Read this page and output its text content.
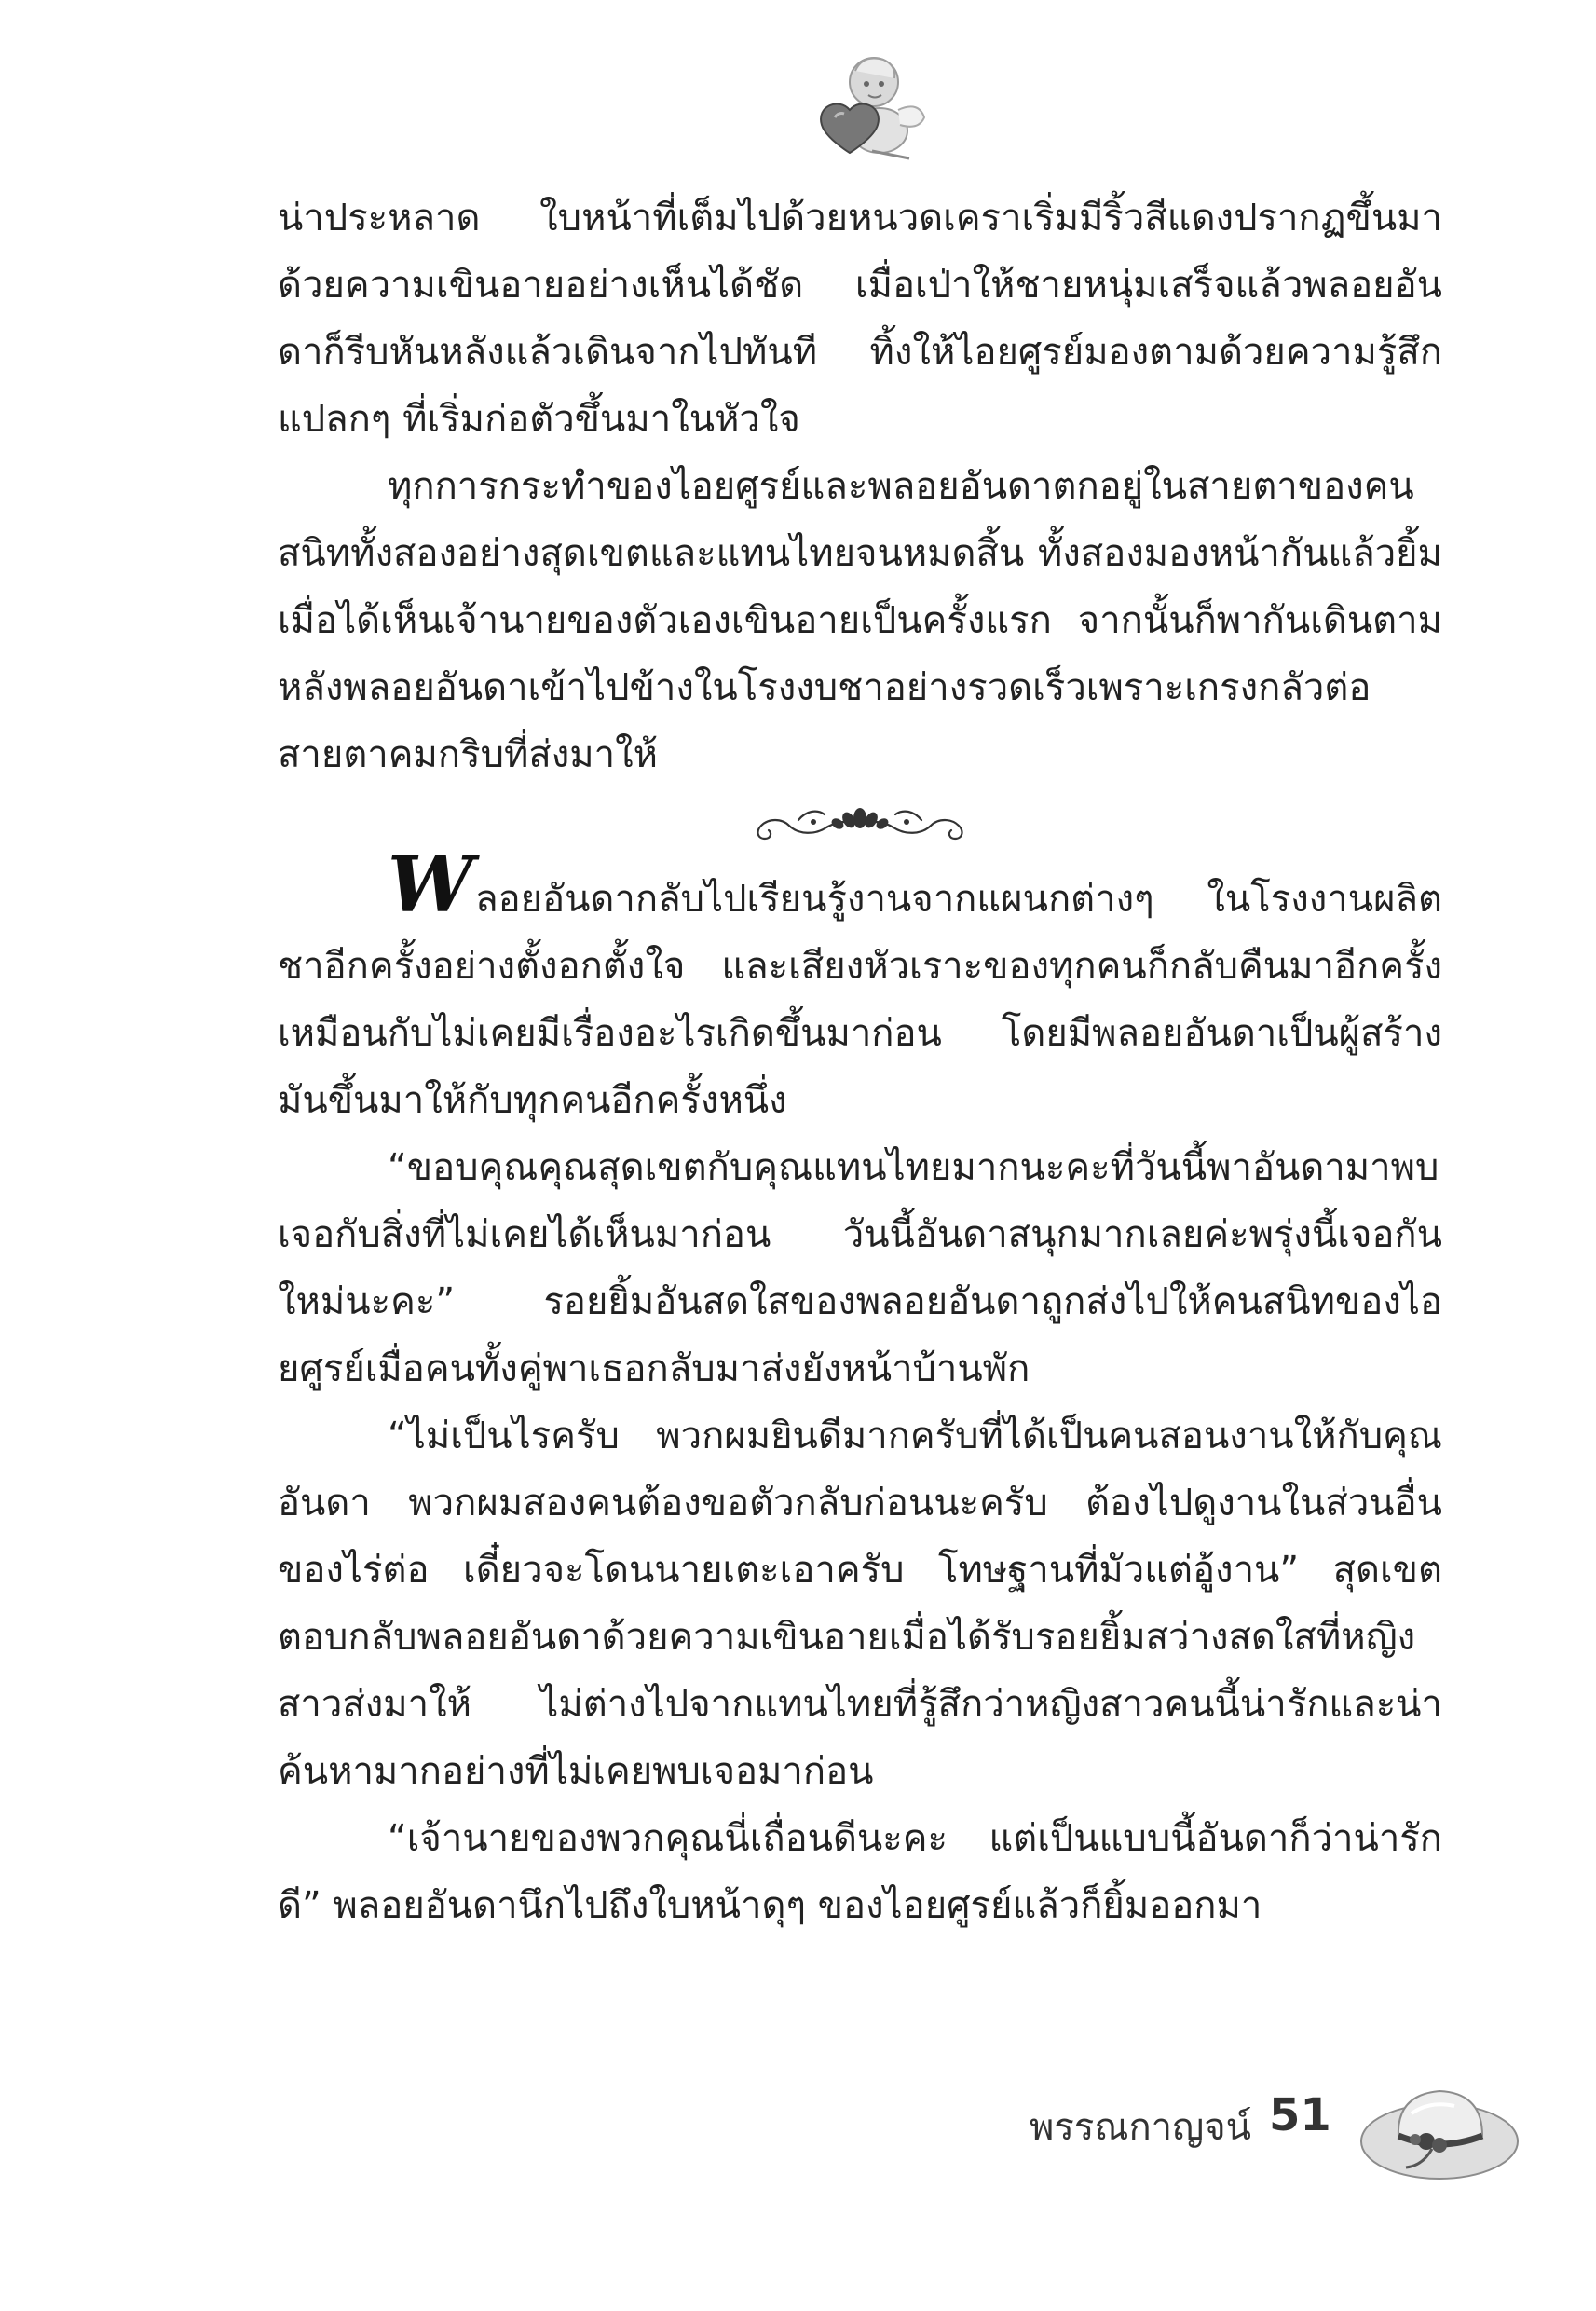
น่าประหลาด ใบหน้าที่เต็มไปด้วยหนวดเคราเริ่มมีริ้วสีแดงปรากฏขึ้นมาด้วยความเขินอายอย่างเห็นได้ชัด เมื่อเป่าให้ชายหนุ่มเสร็จแล้วพลอยอันดาก็รีบหันหลังแล้วเดินจากไปทันที ทิ้งให้ไอยศูรย์มองตามด้วยความรู้สึกแปลกๆ ที่เริ่มก่อตัวขึ้นมาในหัวใจ

ทุกการกระทำของไอยศูรย์และพลอยอันดาตกอยู่ในสายตาของคนสนิททั้งสองอย่างสุดเขตและแทนไทยจนหมดสิ้น ทั้งสองมองหน้ากันแล้วยิ้มเมื่อได้เห็นเจ้านายของตัวเองเขินอายเป็นครั้งแรก จากนั้นก็พากันเดินตามหลังพลอยอันดาเข้าไปข้างในโรงงบชาอย่างรวดเร็วเพราะเกรงกลัวต่อสายตาคมกริบที่ส่งมาให้

Wลอยอันดากลับไปเรียนรู้งานจากแผนกต่างๆ ในโรงงานผลิตชาอีกครั้งอย่างตั้งอกตั้งใจ และเสียงหัวเราะของทุกคนก็กลับคืนมาอีกครั้งเหมือนกับไม่เคยมีเรื่องอะไรเกิดขึ้นมาก่อน โดยมีพลอยอันดาเป็นผู้สร้างมันขึ้นมาให้กับทุกคนอีกครั้งหนึ่ง

“ขอบคุณคุณสุดเขตกับคุณแทนไทยมากนะคะที่วันนี้พาอันดามาพบเจอกับสิ่งที่ไม่เคยได้เห็นมาก่อน วันนี้อันดาสนุกมากเลยค่ะพรุ่งนี้เจอกันใหม่นะคะ” รอยยิ้มอันสดใสของพลอยอันดาถูกส่งไปให้คนสนิทของไอยศูรย์เมื่อคนทั้งคู่พาเธอกลับมาส่งยังหน้าบ้านพัก

“ไม่เป็นไรครับ พวกผมยินดีมากครับที่ได้เป็นคนสอนงานให้กับคุณอันดา พวกผมสองคนต้องขอตัวกลับก่อนนะครับ ต้องไปดูงานในส่วนอื่นของไร่ต่อ เดี๋ยวจะโดนนายเตะเอาครับ โทษฐานที่มัวแต่อู้งาน” สุดเขตตอบกลับพลอยอันดาด้วยความเขินอายเมื่อได้รับรอยยิ้มสว่างสดใสที่หญิงสาวส่งมาให้ ไม่ต่างไปจากแทนไทยที่รู้สึกว่าหญิงสาวคนนี้น่ารักและน่าค้นหามากอย่างที่ไม่เคยพบเจอมาก่อน

“เจ้านายของพวกคุณนี่เถื่อนดีนะคะ แต่เป็นแบบนี้อันดาก็ว่าน่ารักดี” พลอยอันดานึกไปถึงใบหน้าดุๆ ของไอยศูรย์แล้วก็ยิ้มออกมา

พรรณกาญจน์ 51
